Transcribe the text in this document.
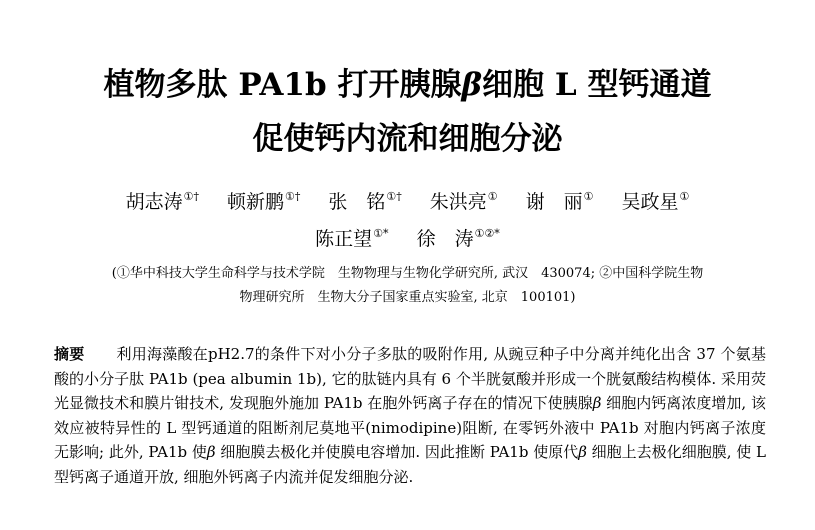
植物多肽 PA1b 打开胰腺β细胞 L 型钙通道
促使钙内流和细胞分泌
胡志涛①† 顿新鹏①† 张　铭①† 朱洪亮① 谢　丽① 吴政星①
陈正望①* 徐　涛①②*
(①华中科技大学生命科学与技术学院　生物物理与生物化学研究所, 武汉　430074; ②中国科学院生物
物理研究所　生物大分子国家重点实验室, 北京　100101)
摘要 利用海藻酸在pH2.7的条件下对小分子多肽的吸附作用, 从豌豆种子中分离并纯化出含 37 个氨基酸的小分子肽 PA1b (pea albumin 1b), 它的肽链内具有 6 个半胱氨酸并形成一个胱氨酸结构模体. 采用荧光显微技术和膜片钳技术, 发现胞外施加 PA1b 在胞外钙离子存在的情况下使胰腺β 细胞内钙离浓度增加, 该效应被特异性的 L 型钙通道的阻断剂尼莫地平(nimodipine)阻断, 在零钙外液中 PA1b 对胞内钙离子浓度无影响; 此外, PA1b 使β 细胞膜去极化并使膜电容增加. 因此推断 PA1b 使原代β 细胞上去极化细胞膜, 使 L 型钙离子通道开放, 细胞外钙离子内流并促发细胞分泌.
